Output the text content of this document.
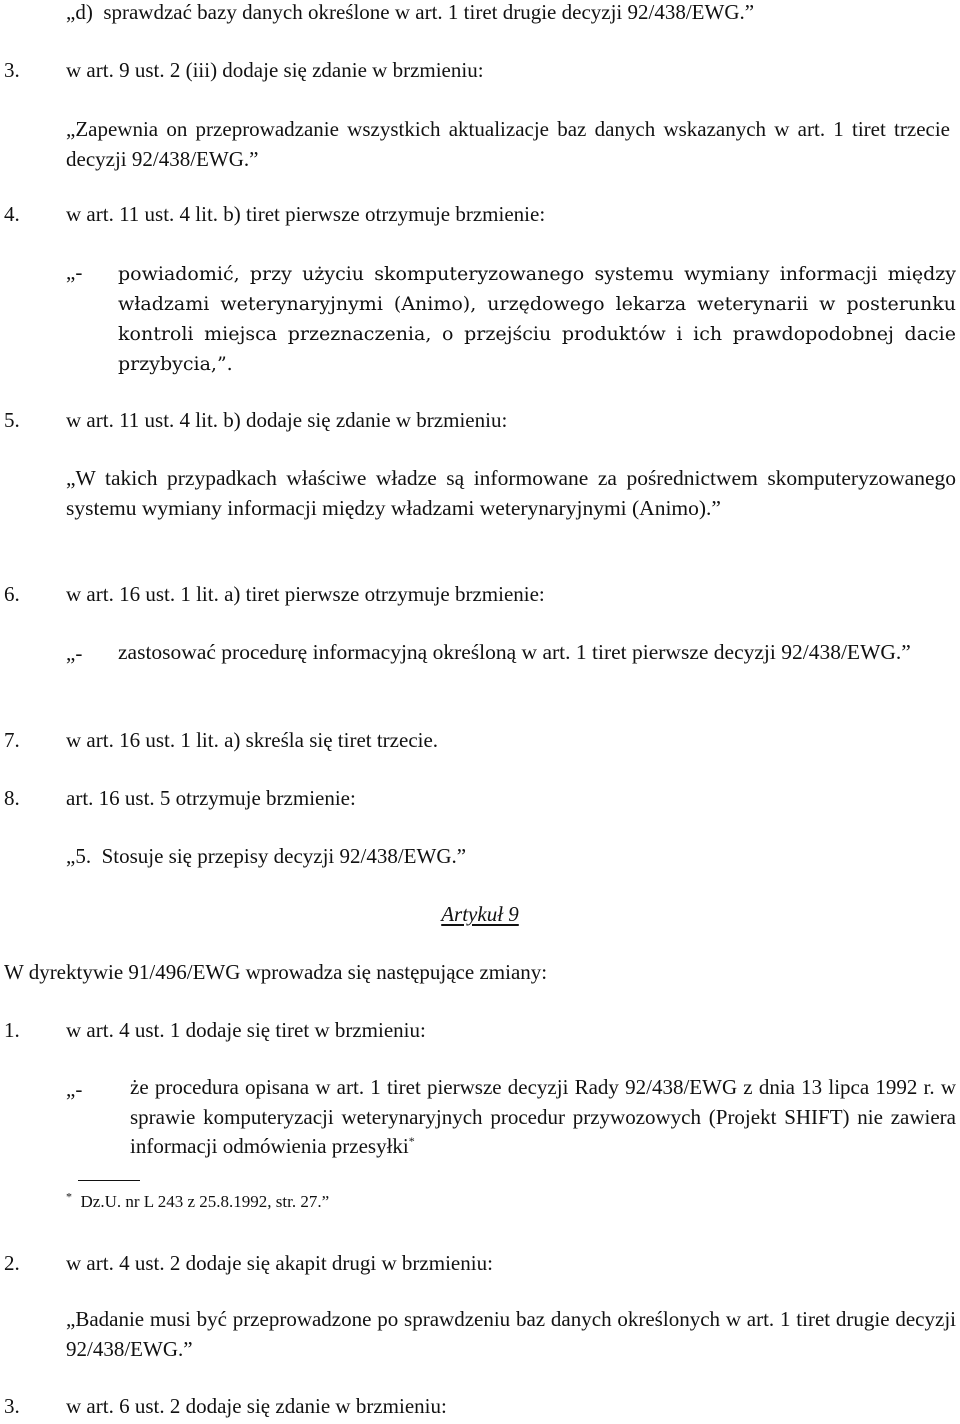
„d)  sprawdzać bazy danych określone w art. 1 tiret drugie decyzji 92/438/EWG.”
3. w art. 9 ust. 2 (iii) dodaje się zdanie w brzmieniu:
„Zapewnia on przeprowadzanie wszystkich aktualizacje baz danych wskazanych w art. 1 tiret trzecie decyzji 92/438/EWG.”
4. w art. 11 ust. 4 lit. b) tiret pierwsze otrzymuje brzmienie:
„- powiadomić, przy użyciu skomputeryzowanego systemu wymiany informacji między władzami weterynaryjnymi (Animo), urzędowego lekarza weterynarii w posterunku kontroli miejsca przeznaczenia, o przejściu produktów i ich prawdopodobnej dacie przybycia,”.
5. w art. 11 ust. 4 lit. b) dodaje się zdanie w brzmieniu:
„W takich przypadkach właściwe władze są informowane za pośrednictwem skomputeryzowanego systemu wymiany informacji między władzami weterynaryjnymi (Animo).”
6. w art. 16 ust. 1 lit. a) tiret pierwsze otrzymuje brzmienie:
„- zastosować procedurę informacyjną określoną w art. 1 tiret pierwsze decyzji 92/438/EWG.”
7. w art. 16 ust. 1 lit. a) skreśla się tiret trzecie.
8. art. 16 ust. 5 otrzymuje brzmienie:
„5.  Stosuje się przepisy decyzji 92/438/EWG.”
Artykuł 9
W dyrektywie 91/496/EWG wprowadza się następujące zmiany:
1. w art. 4 ust. 1 dodaje się tiret w brzmieniu:
„- że procedura opisana w art. 1 tiret pierwsze decyzji Rady 92/438/EWG z dnia 13 lipca 1992 r. w sprawie komputeryzacji weterynaryjnych procedur przywozowych (Projekt SHIFT) nie zawiera informacji odmówienia przesyłki*
* Dz.U. nr L 243 z 25.8.1992, str. 27.”
2. w art. 4 ust. 2 dodaje się akapit drugi w brzmieniu:
„Badanie musi być przeprowadzone po sprawdzeniu baz danych określonych w art. 1 tiret drugie decyzji 92/438/EWG.”
3. w art. 6 ust. 2 dodaje się zdanie w brzmieniu:
